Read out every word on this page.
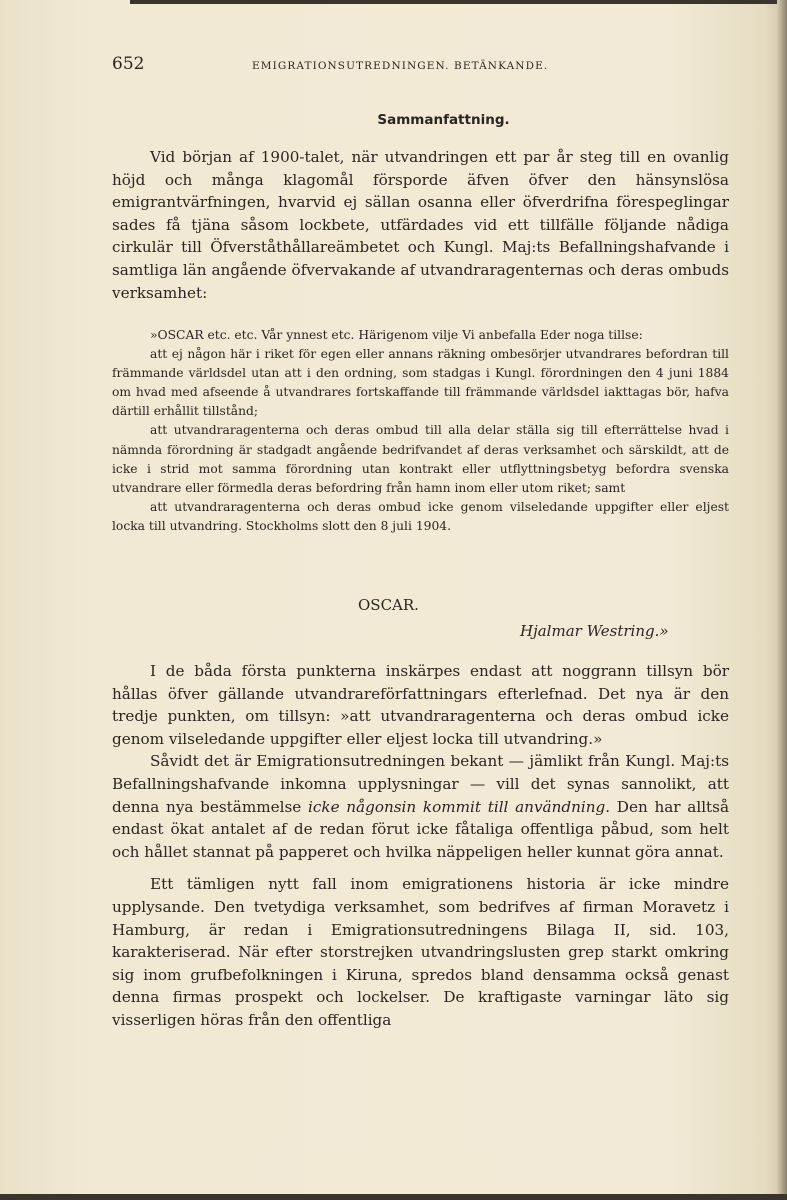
652	EMIGRATIONSUTREDNINGEN. BETÄNKANDE.
Sammanfattning.

Vid början af 1900-talet, när utvandringen ett par år steg till en ovanlig höjd och många klagomål försporde äfven öfver den hänsynslösa emigrantvärfningen, hvarvid ej sällan osanna eller öfverdrifna förespeglingar sades få tjäna såsom lockbete, utfärdades vid ett tillfälle följande nådiga cirkulär till Öfverståthållareämbetet och Kungl. Maj:ts Befallningshafvande i samtliga län angående öfvervakande af utvandraragenternas och deras ombuds verksamhet:

»OSCAR etc. etc. Vår ynnest etc. Härigenom vilje Vi anbefalla Eder noga tillse:

att ej någon här i riket för egen eller annans räkning ombesörjer utvandrares befordran till främmande världsdel utan att i den ordning, som stadgas i Kungl. förordningen den 4 juni 1884 om hvad med afseende å utvandrares fortskaffande till främmande världsdel iakttagas bör, hafva därtill erhållit tillstånd;

att utvandraragenterna och deras ombud till alla delar ställa sig till efterrättelse hvad i nämnda förordning är stadgadt angående bedrifvandet af deras verksamhet och särskildt, att de icke i strid mot samma förordning utan kontrakt eller utflyttningsbetyg befordra svenska utvandrare eller förmedla deras befordring från hamn inom eller utom riket; samt

att utvandraragenterna och deras ombud icke genom vilseledande uppgifter eller eljest locka till utvandring. Stockholms slott den 8 juli 1904.

OSCAR.
Hjalmar Westring.»

I de båda första punkterna inskärpes endast att noggrann tillsyn bör hållas öfver gällande utvandrareförfattningars efterlefnad. Det nya är den tredje punkten, om tillsyn: »att utvandraragenterna och deras ombud icke genom vilseledande uppgifter eller eljest locka till utvandring.»

Såvidt det är Emigrationsutredningen bekant — jämlikt från Kungl. Maj:ts Befallningshafvande inkomna upplysningar — vill det synas sannolikt, att denna nya bestämmelse icke någonsin kommit till användning. Den har alltså endast ökat antalet af de redan förut icke fåtaliga offentliga påbud, som helt och hållet stannat på papperet och hvilka näppeligen heller kunnat göra annat.

Ett tämligen nytt fall inom emigrationens historia är icke mindre upplysande. Den tvetydiga verksamhet, som bedrifves af firman Moravetz i Hamburg, är redan i Emigrationsutredningens Bilaga II, sid. 103, karakteriserad. När efter storstrejken utvandringslusten grep starkt omkring sig inom grufbefolkningen i Kiruna, spredos bland densamma också genast denna firmas prospekt och lockelser. De kraftigaste varningar läto sig visserligen höras från den offentliga
